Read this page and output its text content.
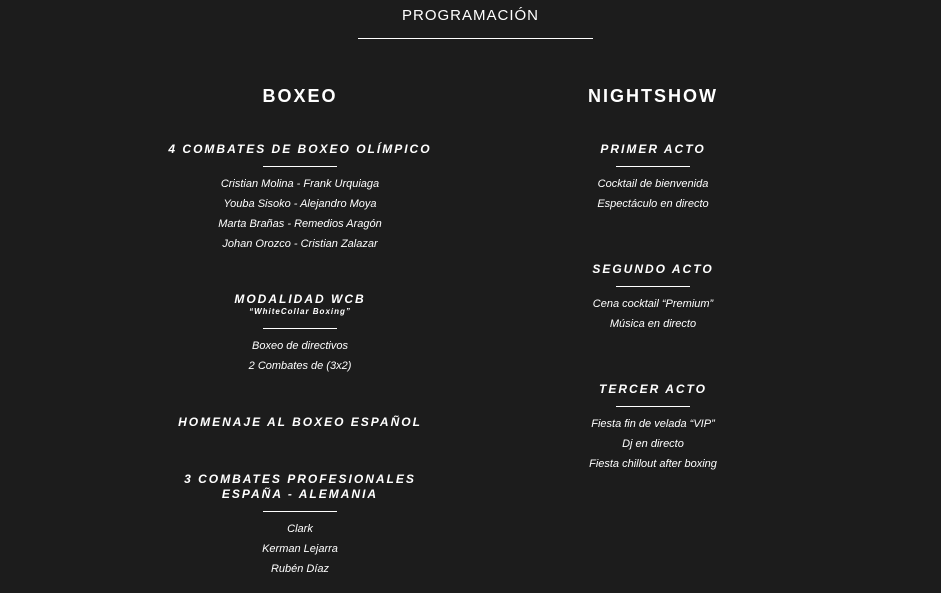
PROGRAMACIÓN
BOXEO
4 COMBATES DE BOXEO OLÍMPICO
Cristian Molina - Frank Urquiaga
Youba Sisoko - Alejandro Moya
Marta Brañas - Remedios Aragón
Johan Orozco - Cristian Zalazar
MODALIDAD WCB
“WhiteCollar Boxing”
Boxeo de directivos
2 Combates de (3x2)
HOMENAJE AL BOXEO ESPAÑOL
3 COMBATES PROFESIONALES
ESPAÑA - ALEMANIA
Clark
Kerman Lejarra
Rubén Díaz
NIGHTSHOW
PRIMER ACTO
Cocktail de bienvenida
Espectáculo en directo
SEGUNDO ACTO
Cena cocktail “Premium”
Música en directo
TERCER ACTO
Fiesta fin de velada “VIP”
Dj en directo
Fiesta chillout after boxing
